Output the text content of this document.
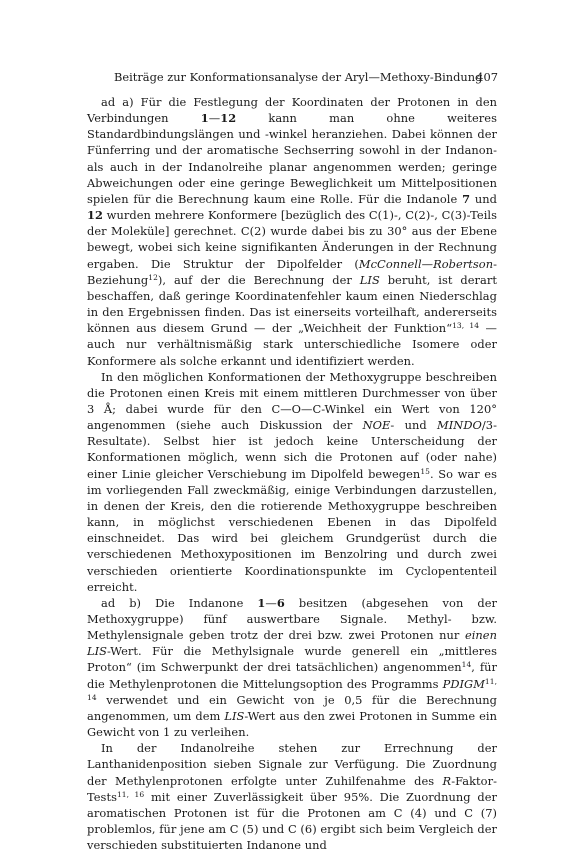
Beiträge zur Konformationsanalyse der Aryl—Methoxy-Bindung
407

ad a) Für die Festlegung der Koordinaten der Protonen in den Verbindungen 1—12 kann man ohne weiteres Standardbindungslängen und -winkel heranziehen. Dabei können der Fünferring und der aromatische Sechserring sowohl in der Indanon- als auch in der Indanolreihe planar angenommen werden; geringe Abweichungen oder eine geringe Beweglichkeit um Mittelpositionen spielen für die Berechnung kaum eine Rolle. Für die Indanole 7 und 12 wurden mehrere Konformere [bezüglich des C(1)-, C(2)-, C(3)-Teils der Moleküle] gerechnet. C(2) wurde dabei bis zu 30° aus der Ebene bewegt, wobei sich keine signifikanten Änderungen in der Rechnung ergaben. Die Struktur der Dipolfelder (McConnell—Robertson-Beziehung$^{12}$), auf der die Berechnung der LIS beruht, ist derart beschaffen, daß geringe Koordinatenfehler kaum einen Niederschlag in den Ergebnissen finden. Das ist einerseits vorteilhaft, andererseits können aus diesem Grund — der „Weichheit der Funktion“$^{13, 14}$ — auch nur verhältnismäßig stark unterschiedliche Isomere oder Konformere als solche erkannt und identifiziert werden.

In den möglichen Konformationen der Methoxygruppe beschreiben die Protonen einen Kreis mit einem mittleren Durchmesser von über 3 Å; dabei wurde für den C—O—C-Winkel ein Wert von 120° angenommen (siehe auch Diskussion der NOE- und MINDO/3-Resultate). Selbst hier ist jedoch keine Unterscheidung der Konformationen möglich, wenn sich die Protonen auf (oder nahe) einer Linie gleicher Verschiebung im Dipolfeld bewegen$^{15}$. So war es im vorliegenden Fall zweckmäßig, einige Verbindungen darzustellen, in denen der Kreis, den die rotierende Methoxygruppe beschreiben kann, in möglichst verschiedenen Ebenen in das Dipolfeld einschneidet. Das wird bei gleichem Grundgerüst durch die verschiedenen Methoxypositionen im Benzolring und durch zwei verschieden orientierte Koordinationspunkte im Cyclopententeil erreicht.

ad b) Die Indanone 1—6 besitzen (abgesehen von der Methoxygruppe) fünf auswertbare Signale. Methyl- bzw. Methylensignale geben trotz der drei bzw. zwei Protonen nur einen LIS-Wert. Für die Methylsignale wurde generell ein „mittleres Proton“ (im Schwerpunkt der drei tatsächlichen) angenommen$^{14}$, für die Methylenprotonen die Mittelungsoption des Programms PDIGM$^{11, 14}$ verwendet und ein Gewicht von je 0,5 für die Berechnung angenommen, um dem LIS-Wert aus den zwei Protonen in Summe ein Gewicht von 1 zu verleihen.

In der Indanolreihe stehen zur Errechnung der Lanthanidenposition sieben Signale zur Verfügung. Die Zuordnung der Methylenprotonen erfolgte unter Zuhilfenahme des R-Faktor-Tests$^{11, 16}$ mit einer Zuverlässigkeit über 95%. Die Zuordnung der aromatischen Protonen ist für die Protonen am C (4) und C (7) problemlos, für jene am C (5) und C (6) ergibt sich beim Vergleich der verschieden substituierten Indanone und
